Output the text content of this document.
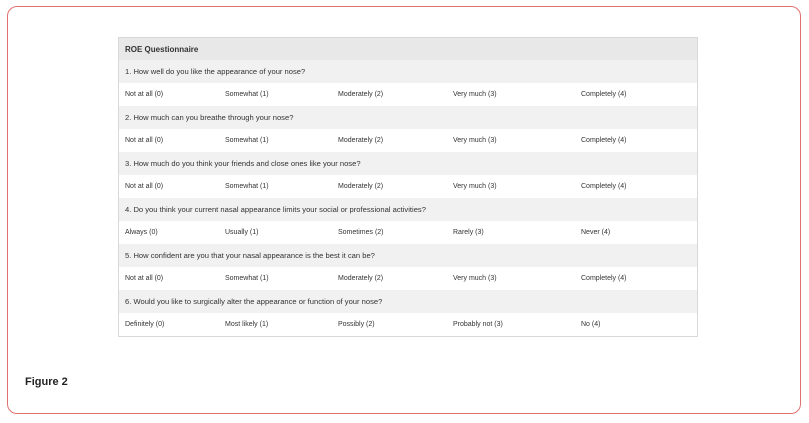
ROE Questionnaire
1. How well do you like the appearance of your nose?
Not at all (0)	Somewhat (1)	Moderately (2)	Very much (3)	Completely (4)
2. How much can you breathe through your nose?
Not at all (0)	Somewhat (1)	Moderately (2)	Very much (3)	Completely (4)
3. How much do you think your friends and close ones like your nose?
Not at all (0)	Somewhat (1)	Moderately (2)	Very much (3)	Completely (4)
4. Do you think your current nasal appearance limits your social or professional activities?
Always (0)	Usually (1)	Sometimes (2)	Rarely (3)	Never (4)
5. How confident are you that your nasal appearance is the best it can be?
Not at all (0)	Somewhat (1)	Moderately (2)	Very much (3)	Completely (4)
6. Would you like to surgically alter the appearance or function of your nose?
Definitely (0)	Most likely (1)	Possibly (2)	Probably not (3)	No (4)
Figure 2
